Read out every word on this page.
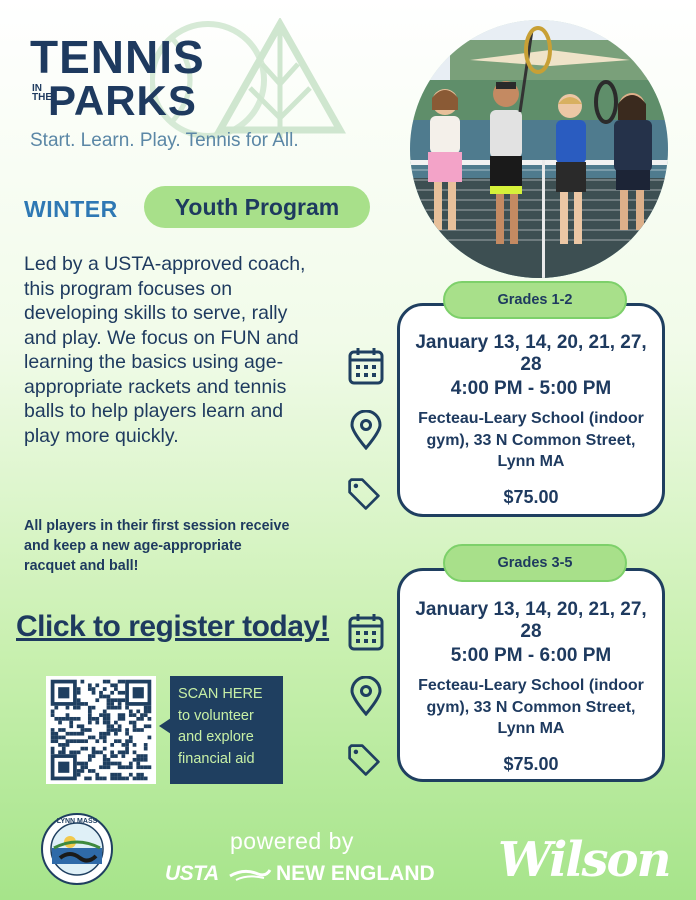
TENNIS
IN
THE
PARKS
Start. Learn. Play. Tennis for All.
WINTER Youth Program
Led by a USTA-approved coach, this program focuses on developing skills to serve, rally and play. We focus on FUN and learning the basics using age-appropriate rackets and tennis balls to help players learn and play more quickly.
All players in their first session receive and keep a new age-appropriate racquet and ball!
Click to register today!
SCAN HERE to volunteer and explore financial aid
Grades 1-2
January 13, 14, 20, 21, 27, 28
4:00 PM - 5:00 PM
Fecteau-Leary School (indoor gym), 33 N Common Street, Lynn MA
$75.00
Grades 3-5
January 13, 14, 20, 21, 27, 28
5:00 PM - 6:00 PM
Fecteau-Leary School (indoor gym), 33 N Common Street, Lynn MA
$75.00
LYNN MASS
powered by
USTA	NEW ENGLAND Wilson
